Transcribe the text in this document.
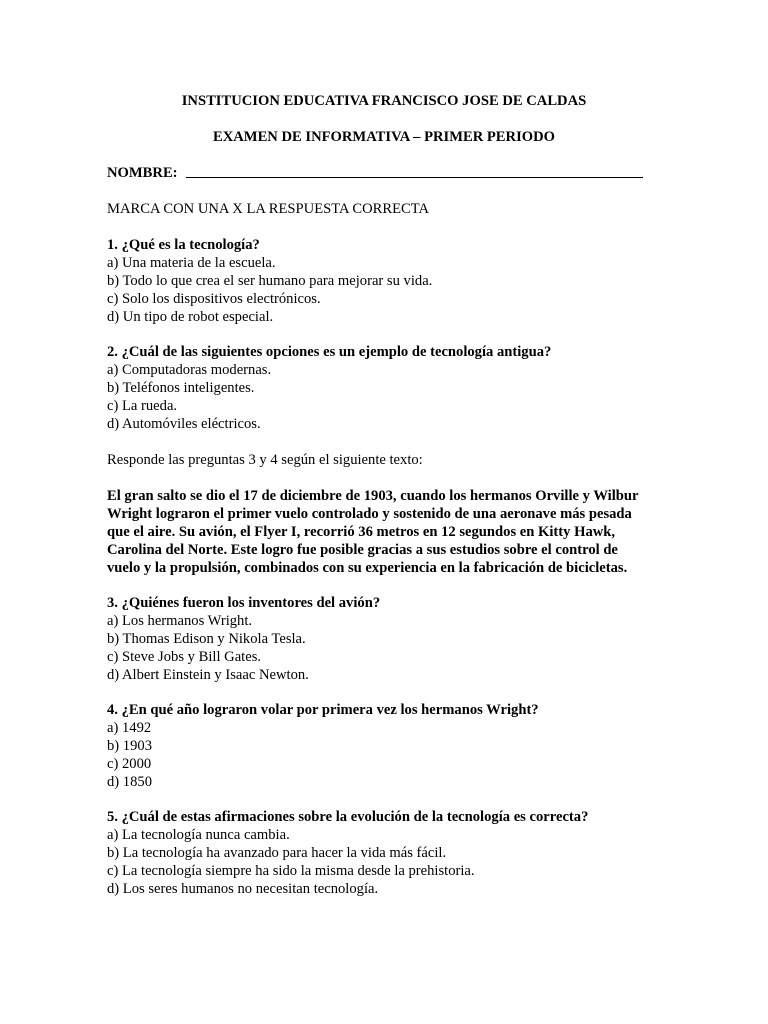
INSTITUCION EDUCATIVA FRANCISCO JOSE DE CALDAS
EXAMEN DE INFORMATIVA – PRIMER PERIODO
NOMBRE:
MARCA CON UNA X LA RESPUESTA CORRECTA
1. ¿Qué es la tecnología?
a) Una materia de la escuela.
b) Todo lo que crea el ser humano para mejorar su vida.
c) Solo los dispositivos electrónicos.
d) Un tipo de robot especial.
2. ¿Cuál de las siguientes opciones es un ejemplo de tecnología antigua?
a) Computadoras modernas.
b) Teléfonos inteligentes.
c) La rueda.
d) Automóviles eléctricos.
Responde las preguntas 3 y 4 según el siguiente texto:
El gran salto se dio el 17 de diciembre de 1903, cuando los hermanos Orville y Wilbur
Wright lograron el primer vuelo controlado y sostenido de una aeronave más pesada
que el aire. Su avión, el Flyer I, recorrió 36 metros en 12 segundos en Kitty Hawk,
Carolina del Norte. Este logro fue posible gracias a sus estudios sobre el control de
vuelo y la propulsión, combinados con su experiencia en la fabricación de bicicletas.
3. ¿Quiénes fueron los inventores del avión?
a) Los hermanos Wright.
b) Thomas Edison y Nikola Tesla.
c) Steve Jobs y Bill Gates.
d) Albert Einstein y Isaac Newton.
4. ¿En qué año lograron volar por primera vez los hermanos Wright?
a) 1492
b) 1903
c) 2000
d) 1850
5. ¿Cuál de estas afirmaciones sobre la evolución de la tecnología es correcta?
a) La tecnología nunca cambia.
b) La tecnología ha avanzado para hacer la vida más fácil.
c) La tecnología siempre ha sido la misma desde la prehistoria.
d) Los seres humanos no necesitan tecnología.
